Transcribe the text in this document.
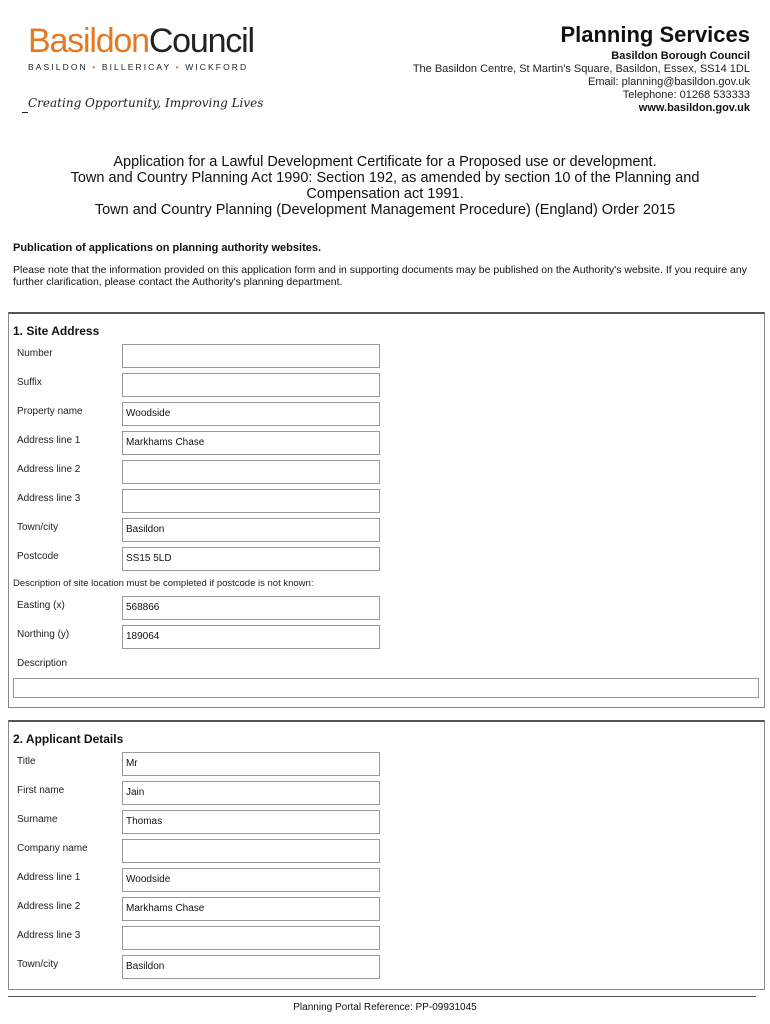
BasildonCouncil
BASILDON • BILLERICAY • WICKFORD
Creating Opportunity, Improving Lives
Planning Services
Basildon Borough Council
The Basildon Centre, St Martin's Square, Basildon, Essex, SS14 1DL
Email: planning@basildon.gov.uk
Telephone: 01268 533333
www.basildon.gov.uk
Application for a Lawful Development Certificate for a Proposed use or development.
Town and Country Planning Act 1990: Section 192, as amended by section 10 of the Planning and
Compensation act 1991.
Town and Country Planning (Development Management Procedure) (England) Order 2015
Publication of applications on planning authority websites.
Please note that the information provided on this application form and in supporting documents may be published on the Authority's website. If you require any further clarification, please contact the Authority's planning department.
1. Site Address
Number
Suffix
Property name	Woodside
Address line 1	Markhams Chase
Address line 2
Address line 3
Town/city	Basildon
Postcode	SS15 5LD
Description of site location must be completed if postcode is not known:
Easting (x)	568866
Northing (y)	189064
Description
2. Applicant Details
Title	Mr
First name	Jain
Surname	Thomas
Company name
Address line 1	Woodside
Address line 2	Markhams Chase
Address line 3
Town/city	Basildon
Planning Portal Reference: PP-09931045
